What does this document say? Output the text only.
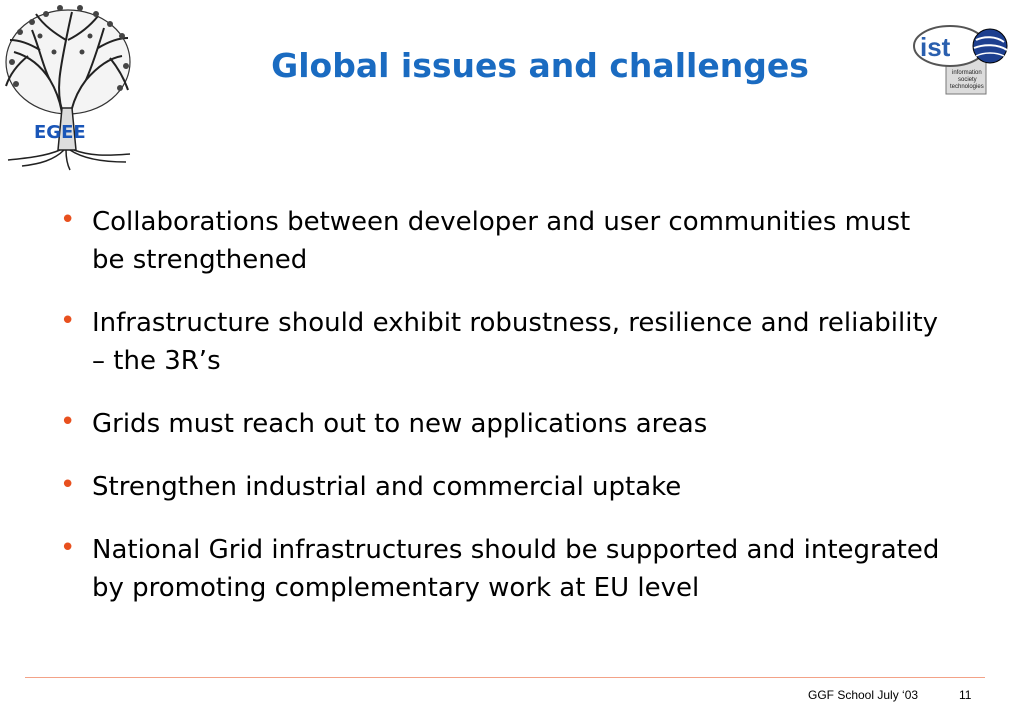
EGEE
Global issues and challenges	ist
information
society
technologies
• Collaborations between developer and user communities must be strengthened
• Infrastructure should exhibit robustness, resilience and reliability – the 3R’s
• Grids must reach out to new applications areas
• Strengthen industrial and commercial uptake
• National Grid infrastructures should be supported and integrated by promoting complementary work at EU level
GGF School July ‘03	11
